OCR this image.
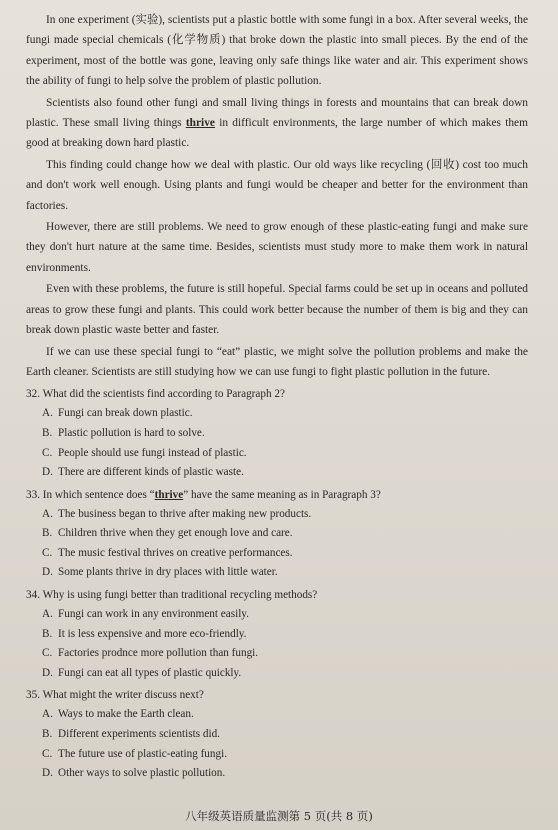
In one experiment (实验), scientists put a plastic bottle with some fungi in a box. After several weeks, the fungi made special chemicals (化学物质) that broke down the plastic into small pieces. By the end of the experiment, most of the bottle was gone, leaving only safe things like water and air. This experiment shows the ability of fungi to help solve the problem of plastic pollution.

Scientists also found other fungi and small living things in forests and mountains that can break down plastic. These small living things thrive in difficult environments, the large number of which makes them good at breaking down hard plastic.

This finding could change how we deal with plastic. Our old ways like recycling (回收) cost too much and don't work well enough. Using plants and fungi would be cheaper and better for the environment than factories.

However, there are still problems. We need to grow enough of these plastic-eating fungi and make sure they don't hurt nature at the same time. Besides, scientists must study more to make them work in natural environments.

Even with these problems, the future is still hopeful. Special farms could be set up in oceans and polluted areas to grow these fungi and plants. This could work better because the number of them is big and they can break down plastic waste better and faster.

If we can use these special fungi to “eat” plastic, we might solve the pollution problems and make the Earth cleaner. Scientists are still studying how we can use fungi to fight plastic pollution in the future.

32. What did the scientists find according to Paragraph 2?

A. Fungi can break down plastic.

B. Plastic pollution is hard to solve.

C. People should use fungi instead of plastic.

D. There are different kinds of plastic waste.

33. In which sentence does “thrive” have the same meaning as in Paragraph 3?

A. The business began to thrive after making new products.

B. Children thrive when they get enough love and care.

C. The music festival thrives on creative performances.

D. Some plants thrive in dry places with little water.

34. Why is using fungi better than traditional recycling methods?

A. Fungi can work in any environment easily.

B. It is less expensive and more eco-friendly.

C. Factories prodnce more pollution than fungi.

D. Fungi can eat all types of plastic quickly.

35. What might the writer discuss next?

A. Ways to make the Earth clean.

B. Different experiments scientists did.

C. The future use of plastic-eating fungi.

D. Other ways to solve plastic pollution.

八年级英语质量监测第 5 页(共 8 页)
